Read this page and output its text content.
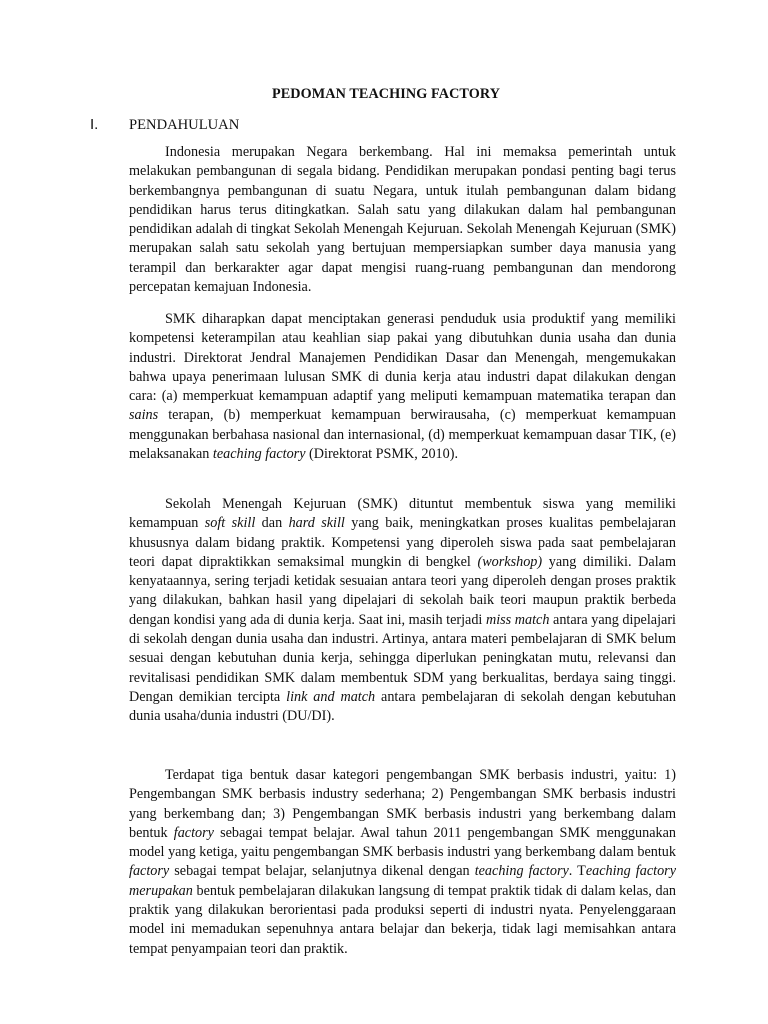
PEDOMAN TEACHING FACTORY
I. PENDAHULUAN

Indonesia merupakan Negara berkembang. Hal ini memaksa pemerintah untuk melakukan pembangunan di segala bidang. Pendidikan merupakan pondasi penting bagi terus berkembangnya pembangunan di suatu Negara, untuk itulah pembangunan dalam bidang pendidikan harus terus ditingkatkan. Salah satu yang dilakukan dalam hal pembangunan pendidikan adalah di tingkat Sekolah Menengah Kejuruan. Sekolah Menengah Kejuruan (SMK) merupakan salah satu sekolah yang bertujuan mempersiapkan sumber daya manusia yang terampil dan berkarakter agar dapat mengisi ruang-ruang pembangunan dan mendorong percepatan kemajuan Indonesia.

SMK diharapkan dapat menciptakan generasi penduduk usia produktif yang memiliki kompetensi keterampilan atau keahlian siap pakai yang dibutuhkan dunia usaha dan dunia industri. Direktorat Jendral Manajemen Pendidikan Dasar dan Menengah, mengemukakan bahwa upaya penerimaan lulusan SMK di dunia kerja atau industri dapat dilakukan dengan cara: (a) memperkuat kemampuan adaptif yang meliputi kemampuan matematika terapan dan sains terapan, (b) memperkuat kemampuan berwirausaha, (c) memperkuat kemampuan menggunakan berbahasa nasional dan internasional, (d) memperkuat kemampuan dasar TIK, (e) melaksanakan teaching factory (Direktorat PSMK, 2010).

Sekolah Menengah Kejuruan (SMK) dituntut membentuk siswa yang memiliki kemampuan soft skill dan hard skill yang baik, meningkatkan proses kualitas pembelajaran khususnya dalam bidang praktik. Kompetensi yang diperoleh siswa pada saat pembelajaran teori dapat dipraktikkan semaksimal mungkin di bengkel (workshop) yang dimiliki. Dalam kenyataannya, sering terjadi ketidak sesuaian antara teori yang diperoleh dengan proses praktik yang dilakukan, bahkan hasil yang dipelajari di sekolah baik teori maupun praktik berbeda dengan kondisi yang ada di dunia kerja. Saat ini, masih terjadi miss match antara yang dipelajari di sekolah dengan dunia usaha dan industri. Artinya, antara materi pembelajaran di SMK belum sesuai dengan kebutuhan dunia kerja, sehingga diperlukan peningkatan mutu, relevansi dan revitalisasi pendidikan SMK dalam membentuk SDM yang berkualitas, berdaya saing tinggi. Dengan demikian tercipta link and match antara pembelajaran di sekolah dengan kebutuhan dunia usaha/dunia industri (DU/DI).

Terdapat tiga bentuk dasar kategori pengembangan SMK berbasis industri, yaitu: 1) Pengembangan SMK berbasis industry sederhana; 2) Pengembangan SMK berbasis industri yang berkembang dan; 3) Pengembangan SMK berbasis industri yang berkembang dalam bentuk factory sebagai tempat belajar. Awal tahun 2011 pengembangan SMK menggunakan model yang ketiga, yaitu pengembangan SMK berbasis industri yang berkembang dalam bentuk factory sebagai tempat belajar, selanjutnya dikenal dengan teaching factory. Teaching factory merupakan bentuk pembelajaran dilakukan langsung di tempat praktik tidak di dalam kelas, dan praktik yang dilakukan berorientasi pada produksi seperti di industri nyata. Penyelenggaraan model ini memadukan sepenuhnya antara belajar dan bekerja, tidak lagi memisahkan antara tempat penyampaian teori dan praktik.
